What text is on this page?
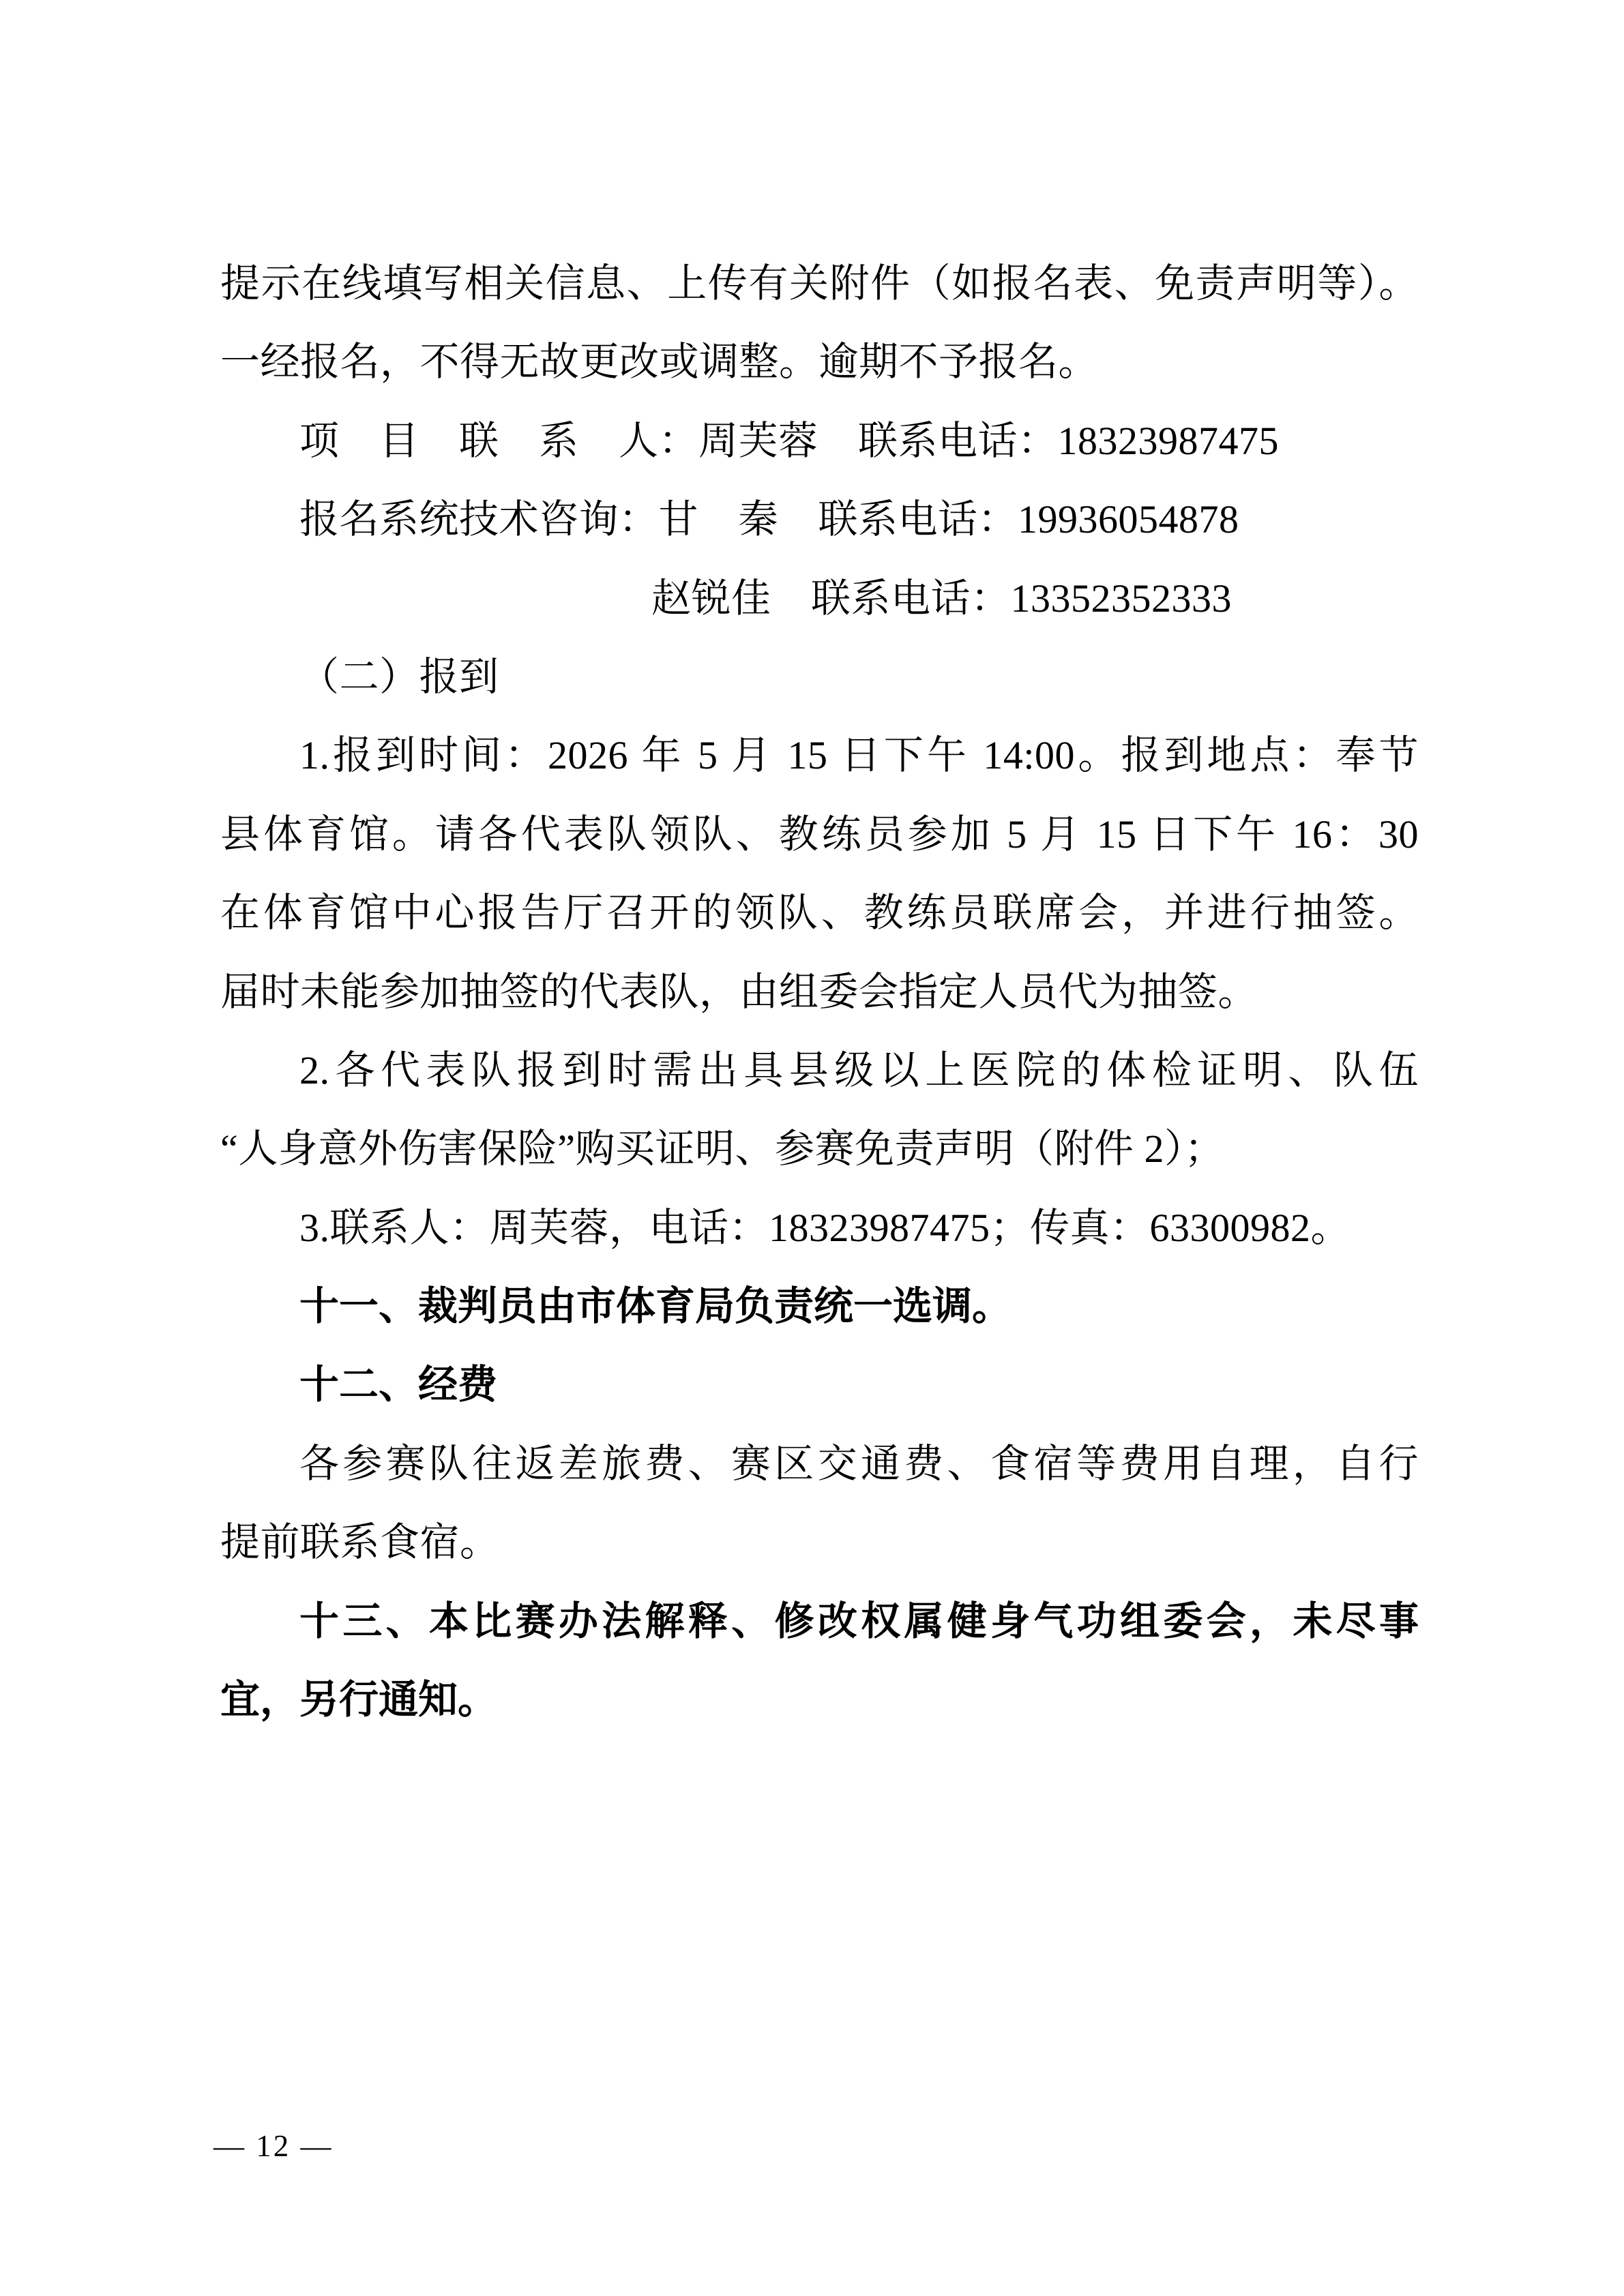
提示在线填写相关信息、上传有关附件（如报名表、免责声明等）。
一经报名，不得无故更改或调整。逾期不予报名。
项　目　联　系　人：周芙蓉　联系电话：18323987475
报名系统技术咨询：甘　秦　联系电话：19936054878
赵锐佳　联系电话：13352352333
（二）报到
1.报到时间：2026 年 5 月 15 日下午 14:00。报到地点：奉节
县体育馆。请各代表队领队、教练员参加 5 月 15 日下午 16：30
在体育馆中心报告厅召开的领队、教练员联席会，并进行抽签。
届时未能参加抽签的代表队，由组委会指定人员代为抽签。
2.各代表队报到时需出具县级以上医院的体检证明、队伍
“人身意外伤害保险”购买证明、参赛免责声明（附件 2）；
3.联系人：周芙蓉，电话：18323987475；传真：63300982。
十一、裁判员由市体育局负责统一选调。
十二、经费
各参赛队往返差旅费、赛区交通费、食宿等费用自理，自行
提前联系食宿。
十三、本比赛办法解释、修改权属健身气功组委会，未尽事
宜，另行通知。
— 12 —
